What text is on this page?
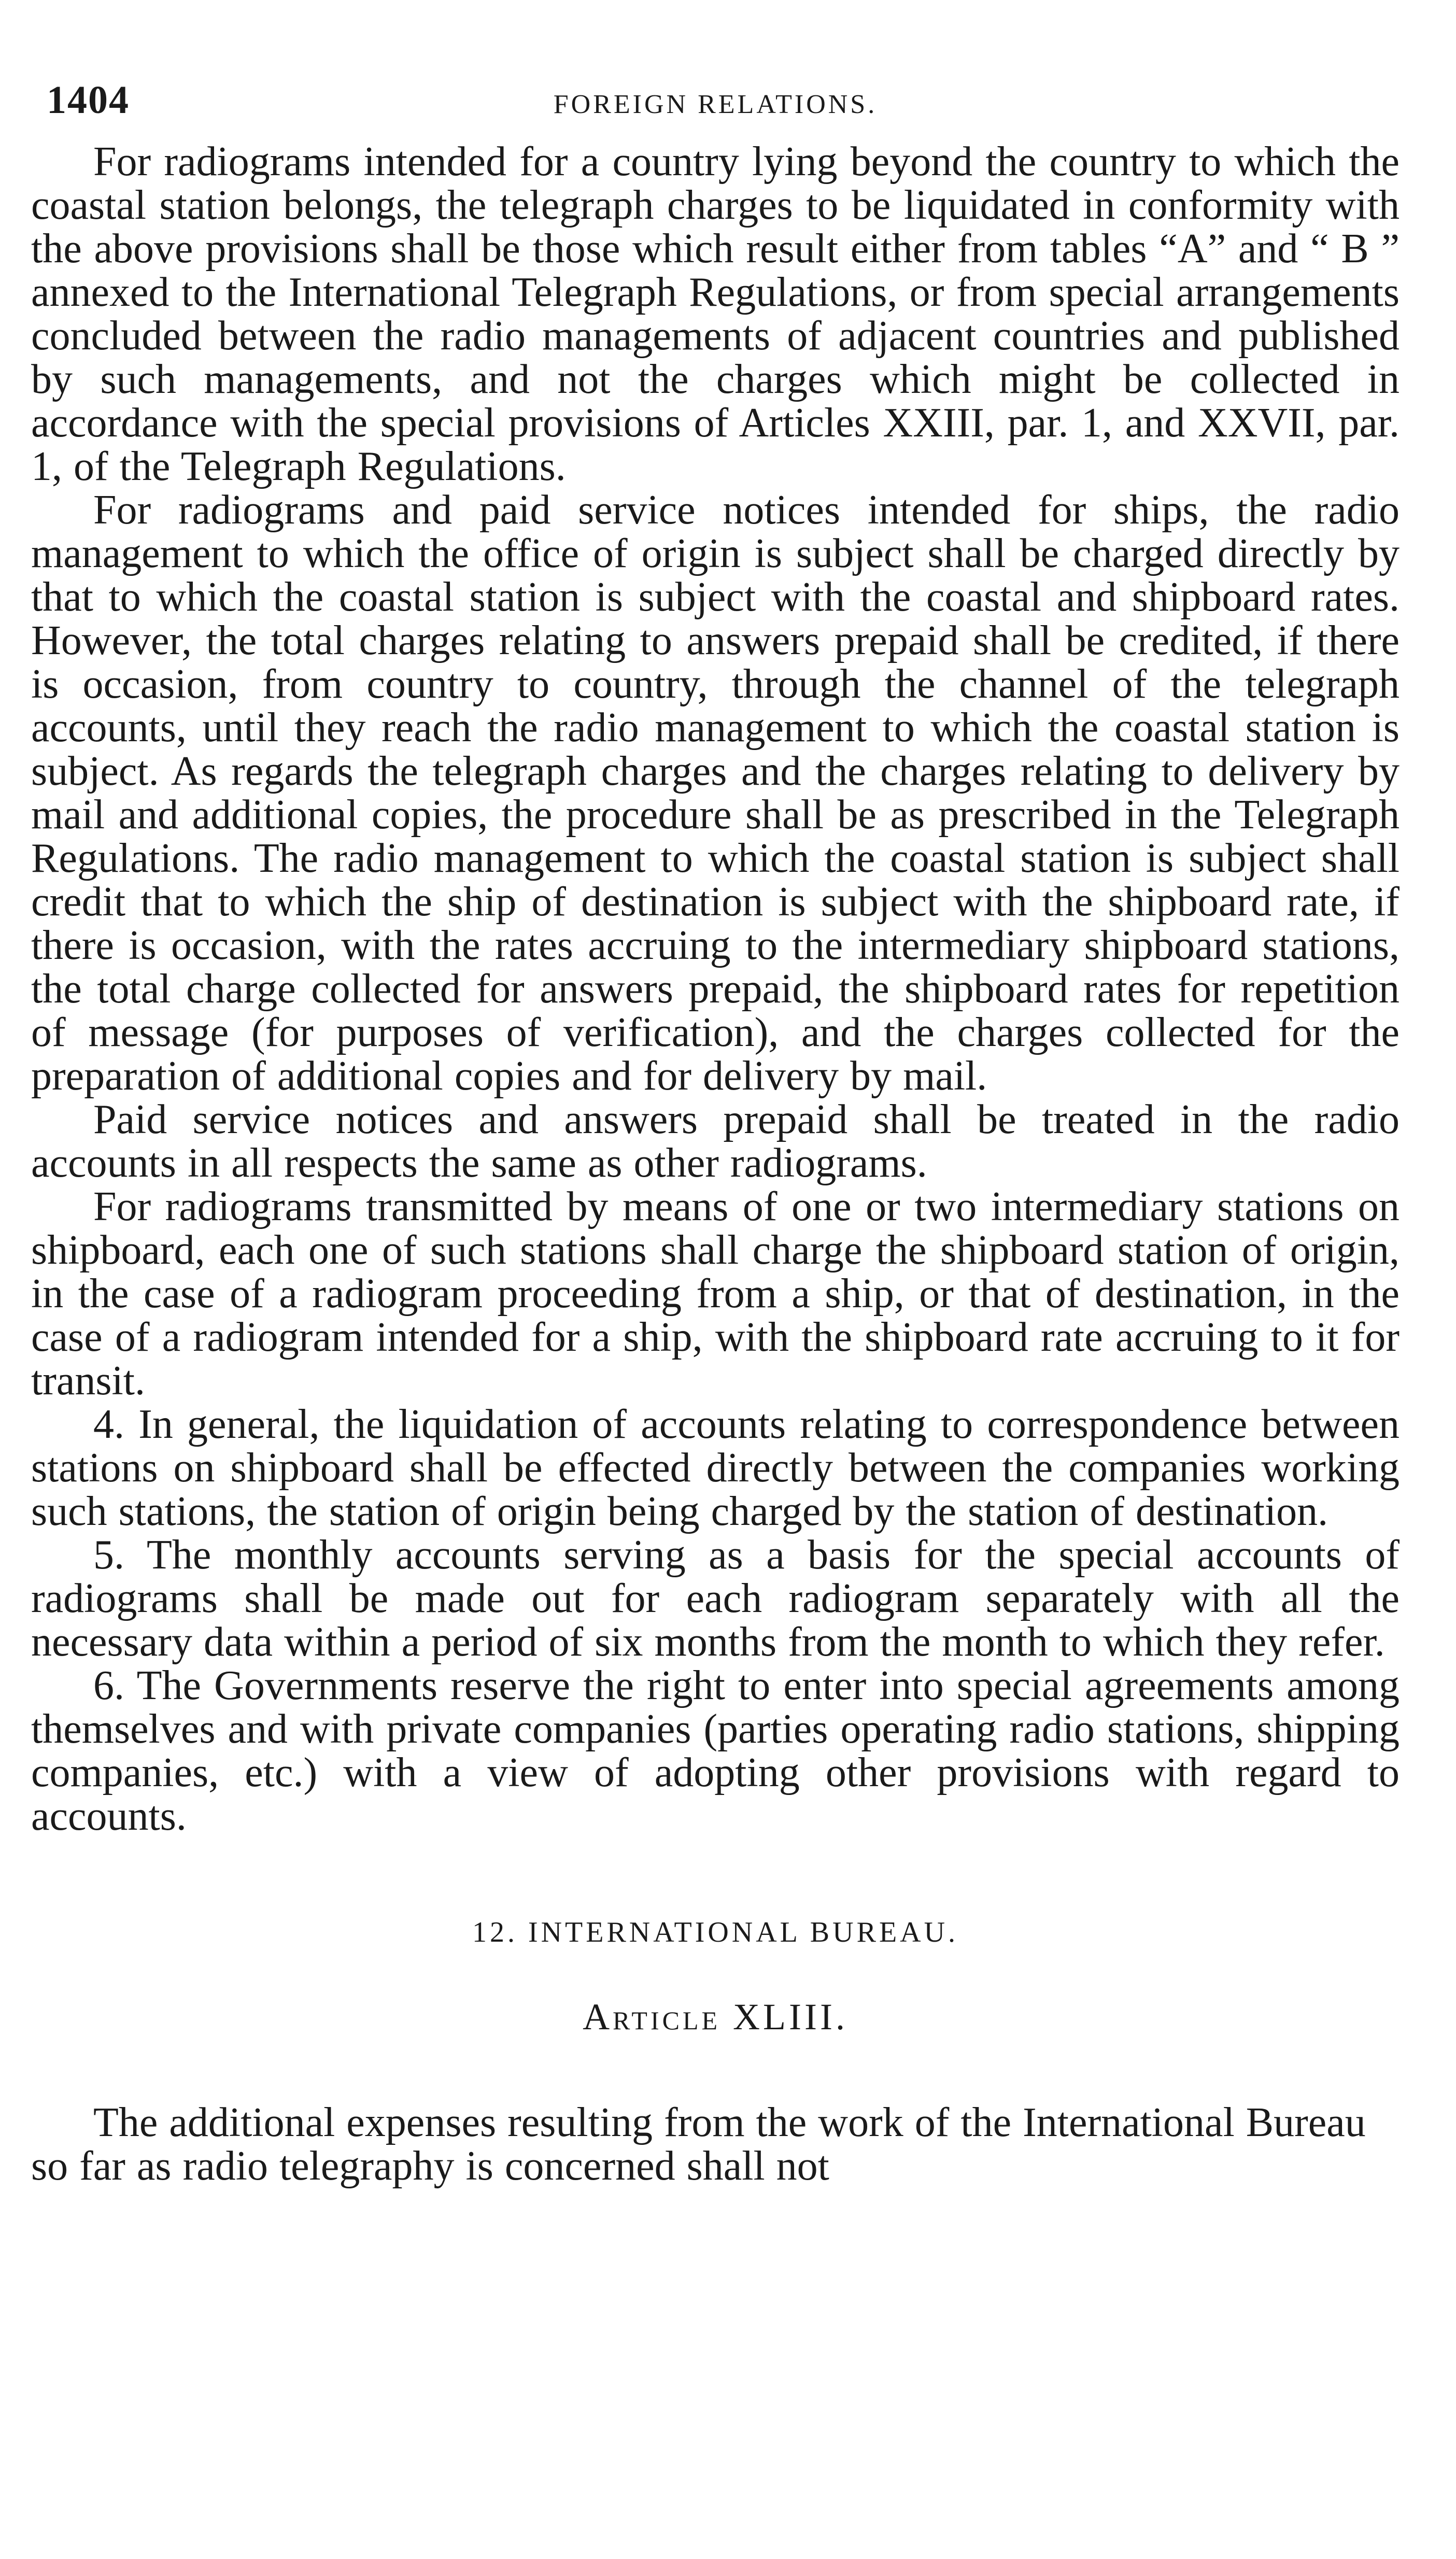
1404	FOREIGN RELATIONS.

For radiograms intended for a country lying beyond the country to which the coastal station belongs, the telegraph charges to be liquidated in conformity with the above provisions shall be those which result either from tables “A” and “ B ” annexed to the International Telegraph Regulations, or from special arrangements concluded between the radio managements of adjacent countries and published by such managements, and not the charges which might be collected in accordance with the special provisions of Articles XXIII, par. 1, and XXVII, par. 1, of the Telegraph Regulations.

For radiograms and paid service notices intended for ships, the radio management to which the office of origin is subject shall be charged directly by that to which the coastal station is subject with the coastal and shipboard rates. However, the total charges relating to answers prepaid shall be credited, if there is occasion, from country to country, through the channel of the telegraph accounts, until they reach the radio management to which the coastal station is subject. As regards the telegraph charges and the charges relating to delivery by mail and additional copies, the procedure shall be as prescribed in the Telegraph Regulations. The radio management to which the coastal station is subject shall credit that to which the ship of destination is subject with the shipboard rate, if there is occasion, with the rates accruing to the intermediary shipboard stations, the total charge collected for answers prepaid, the shipboard rates for repetition of message (for purposes of verification), and the charges collected for the preparation of additional copies and for delivery by mail.

Paid service notices and answers prepaid shall be treated in the radio accounts in all respects the same as other radiograms.

For radiograms transmitted by means of one or two intermediary stations on shipboard, each one of such stations shall charge the shipboard station of origin, in the case of a radiogram proceeding from a ship, or that of destination, in the case of a radiogram intended for a ship, with the shipboard rate accruing to it for transit.

4. In general, the liquidation of accounts relating to correspondence between stations on shipboard shall be effected directly between the companies working such stations, the station of origin being charged by the station of destination.

5. The monthly accounts serving as a basis for the special accounts of radiograms shall be made out for each radiogram separately with all the necessary data within a period of six months from the month to which they refer.

6. The Governments reserve the right to enter into special agreements among themselves and with private companies (parties operating radio stations, shipping companies, etc.) with a view of adopting other provisions with regard to accounts.

12. INTERNATIONAL BUREAU.
Article XLIII.

The additional expenses resulting from the work of the International Bureau so far as radio telegraphy is concerned shall not
